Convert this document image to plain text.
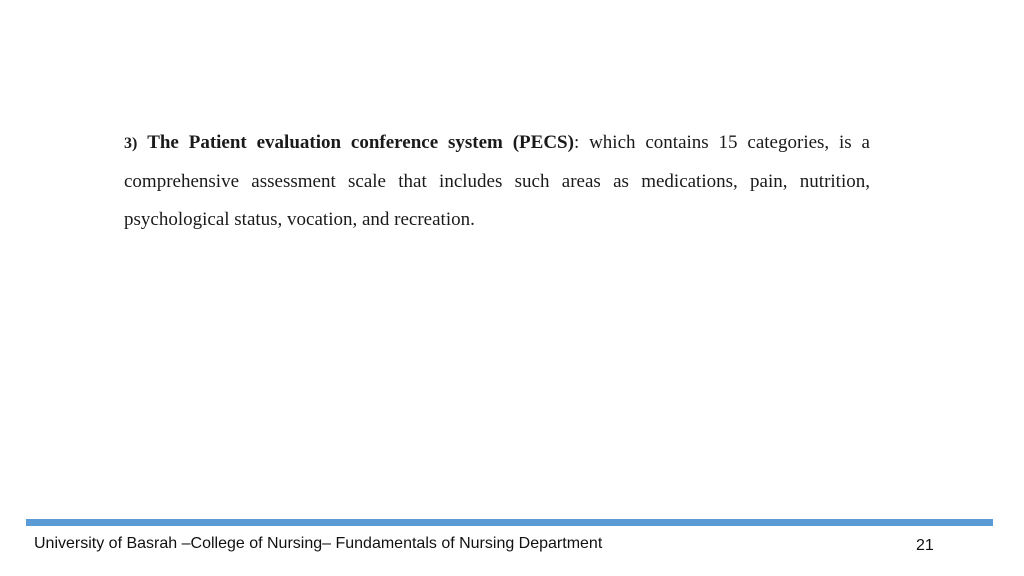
3) The Patient evaluation conference system (PECS): which contains 15 categories, is a comprehensive assessment scale that includes such areas as medications, pain, nutrition, psychological status, vocation, and recreation.
University of Basrah –College of Nursing– Fundamentals of Nursing Department	21
